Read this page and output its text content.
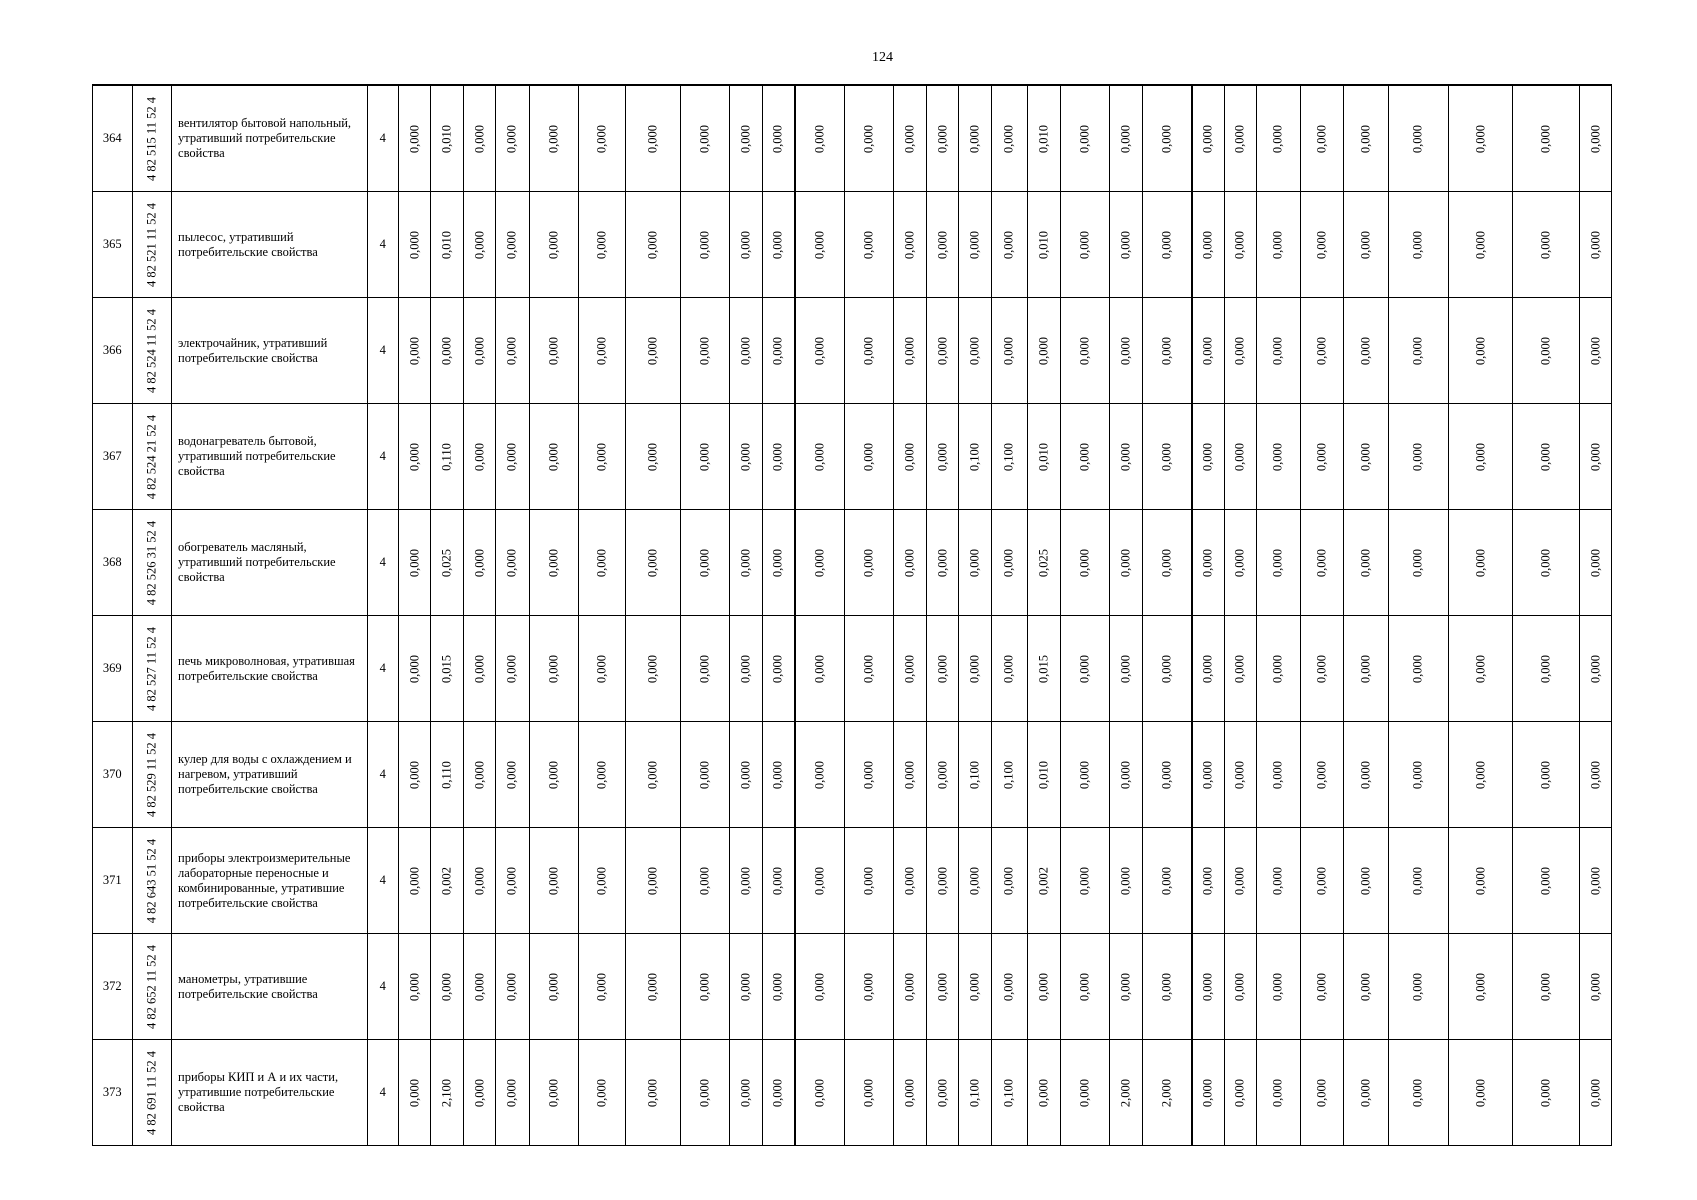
124
364	4 82 515 11 52 4	вентилятор бытовой напольный, утративший потребительские свойства	4	0,000	0,010	0,000	0,000	0,000	0,000	0,000	0,000	0,000	0,000	0,000	0,000	0,000	0,000	0,000	0,000	0,010	0,000	0,000	0,000	0,000	0,000	0,000	0,000	0,000	0,000	0,000	0,000	0,000

365	4 82 521 11 52 4	пылесос, утративший потребительские свойства	4	0,000	0,010	0,000	0,000	0,000	0,000	0,000	0,000	0,000	0,000	0,000	0,000	0,000	0,000	0,000	0,000	0,010	0,000	0,000	0,000	0,000	0,000	0,000	0,000	0,000	0,000	0,000	0,000	0,000

366	4 82 524 11 52 4	электрочайник, утративший потребительские свойства	4	0,000	0,000	0,000	0,000	0,000	0,000	0,000	0,000	0,000	0,000	0,000	0,000	0,000	0,000	0,000	0,000	0,000	0,000	0,000	0,000	0,000	0,000	0,000	0,000	0,000	0,000	0,000	0,000	0,000

367	4 82 524 21 52 4	водонагреватель бытовой, утративший потребительские свойства	4	0,000	0,110	0,000	0,000	0,000	0,000	0,000	0,000	0,000	0,000	0,000	0,000	0,000	0,000	0,100	0,100	0,010	0,000	0,000	0,000	0,000	0,000	0,000	0,000	0,000	0,000	0,000	0,000	0,000

368	4 82 526 31 52 4	обогреватель масляный, утративший потребительские свойства	4	0,000	0,025	0,000	0,000	0,000	0,000	0,000	0,000	0,000	0,000	0,000	0,000	0,000	0,000	0,000	0,000	0,025	0,000	0,000	0,000	0,000	0,000	0,000	0,000	0,000	0,000	0,000	0,000	0,000

369	4 82 527 11 52 4	печь микроволновая, утратившая потребительские свойства	4	0,000	0,015	0,000	0,000	0,000	0,000	0,000	0,000	0,000	0,000	0,000	0,000	0,000	0,000	0,000	0,000	0,015	0,000	0,000	0,000	0,000	0,000	0,000	0,000	0,000	0,000	0,000	0,000	0,000

370	4 82 529 11 52 4	кулер для воды с охлаждением и нагревом, утративший потребительские свойства	4	0,000	0,110	0,000	0,000	0,000	0,000	0,000	0,000	0,000	0,000	0,000	0,000	0,000	0,000	0,100	0,100	0,010	0,000	0,000	0,000	0,000	0,000	0,000	0,000	0,000	0,000	0,000	0,000	0,000

371	4 82 643 51 52 4	приборы электроизмерительные лабораторные переносные и комбинированные, утратившие потребительские свойства	4	0,000	0,002	0,000	0,000	0,000	0,000	0,000	0,000	0,000	0,000	0,000	0,000	0,000	0,000	0,000	0,000	0,002	0,000	0,000	0,000	0,000	0,000	0,000	0,000	0,000	0,000	0,000	0,000	0,000

372	4 82 652 11 52 4	манометры, утратившие потребительские свойства	4	0,000	0,000	0,000	0,000	0,000	0,000	0,000	0,000	0,000	0,000	0,000	0,000	0,000	0,000	0,000	0,000	0,000	0,000	0,000	0,000	0,000	0,000	0,000	0,000	0,000	0,000	0,000	0,000	0,000

373	4 82 691 11 52 4	приборы КИП и А и их части, утратившие потребительские свойства	4	0,000	2,100	0,000	0,000	0,000	0,000	0,000	0,000	0,000	0,000	0,000	0,000	0,000	0,000	0,100	0,100	0,000	0,000	2,000	2,000	0,000	0,000	0,000	0,000	0,000	0,000	0,000	0,000	0,000
